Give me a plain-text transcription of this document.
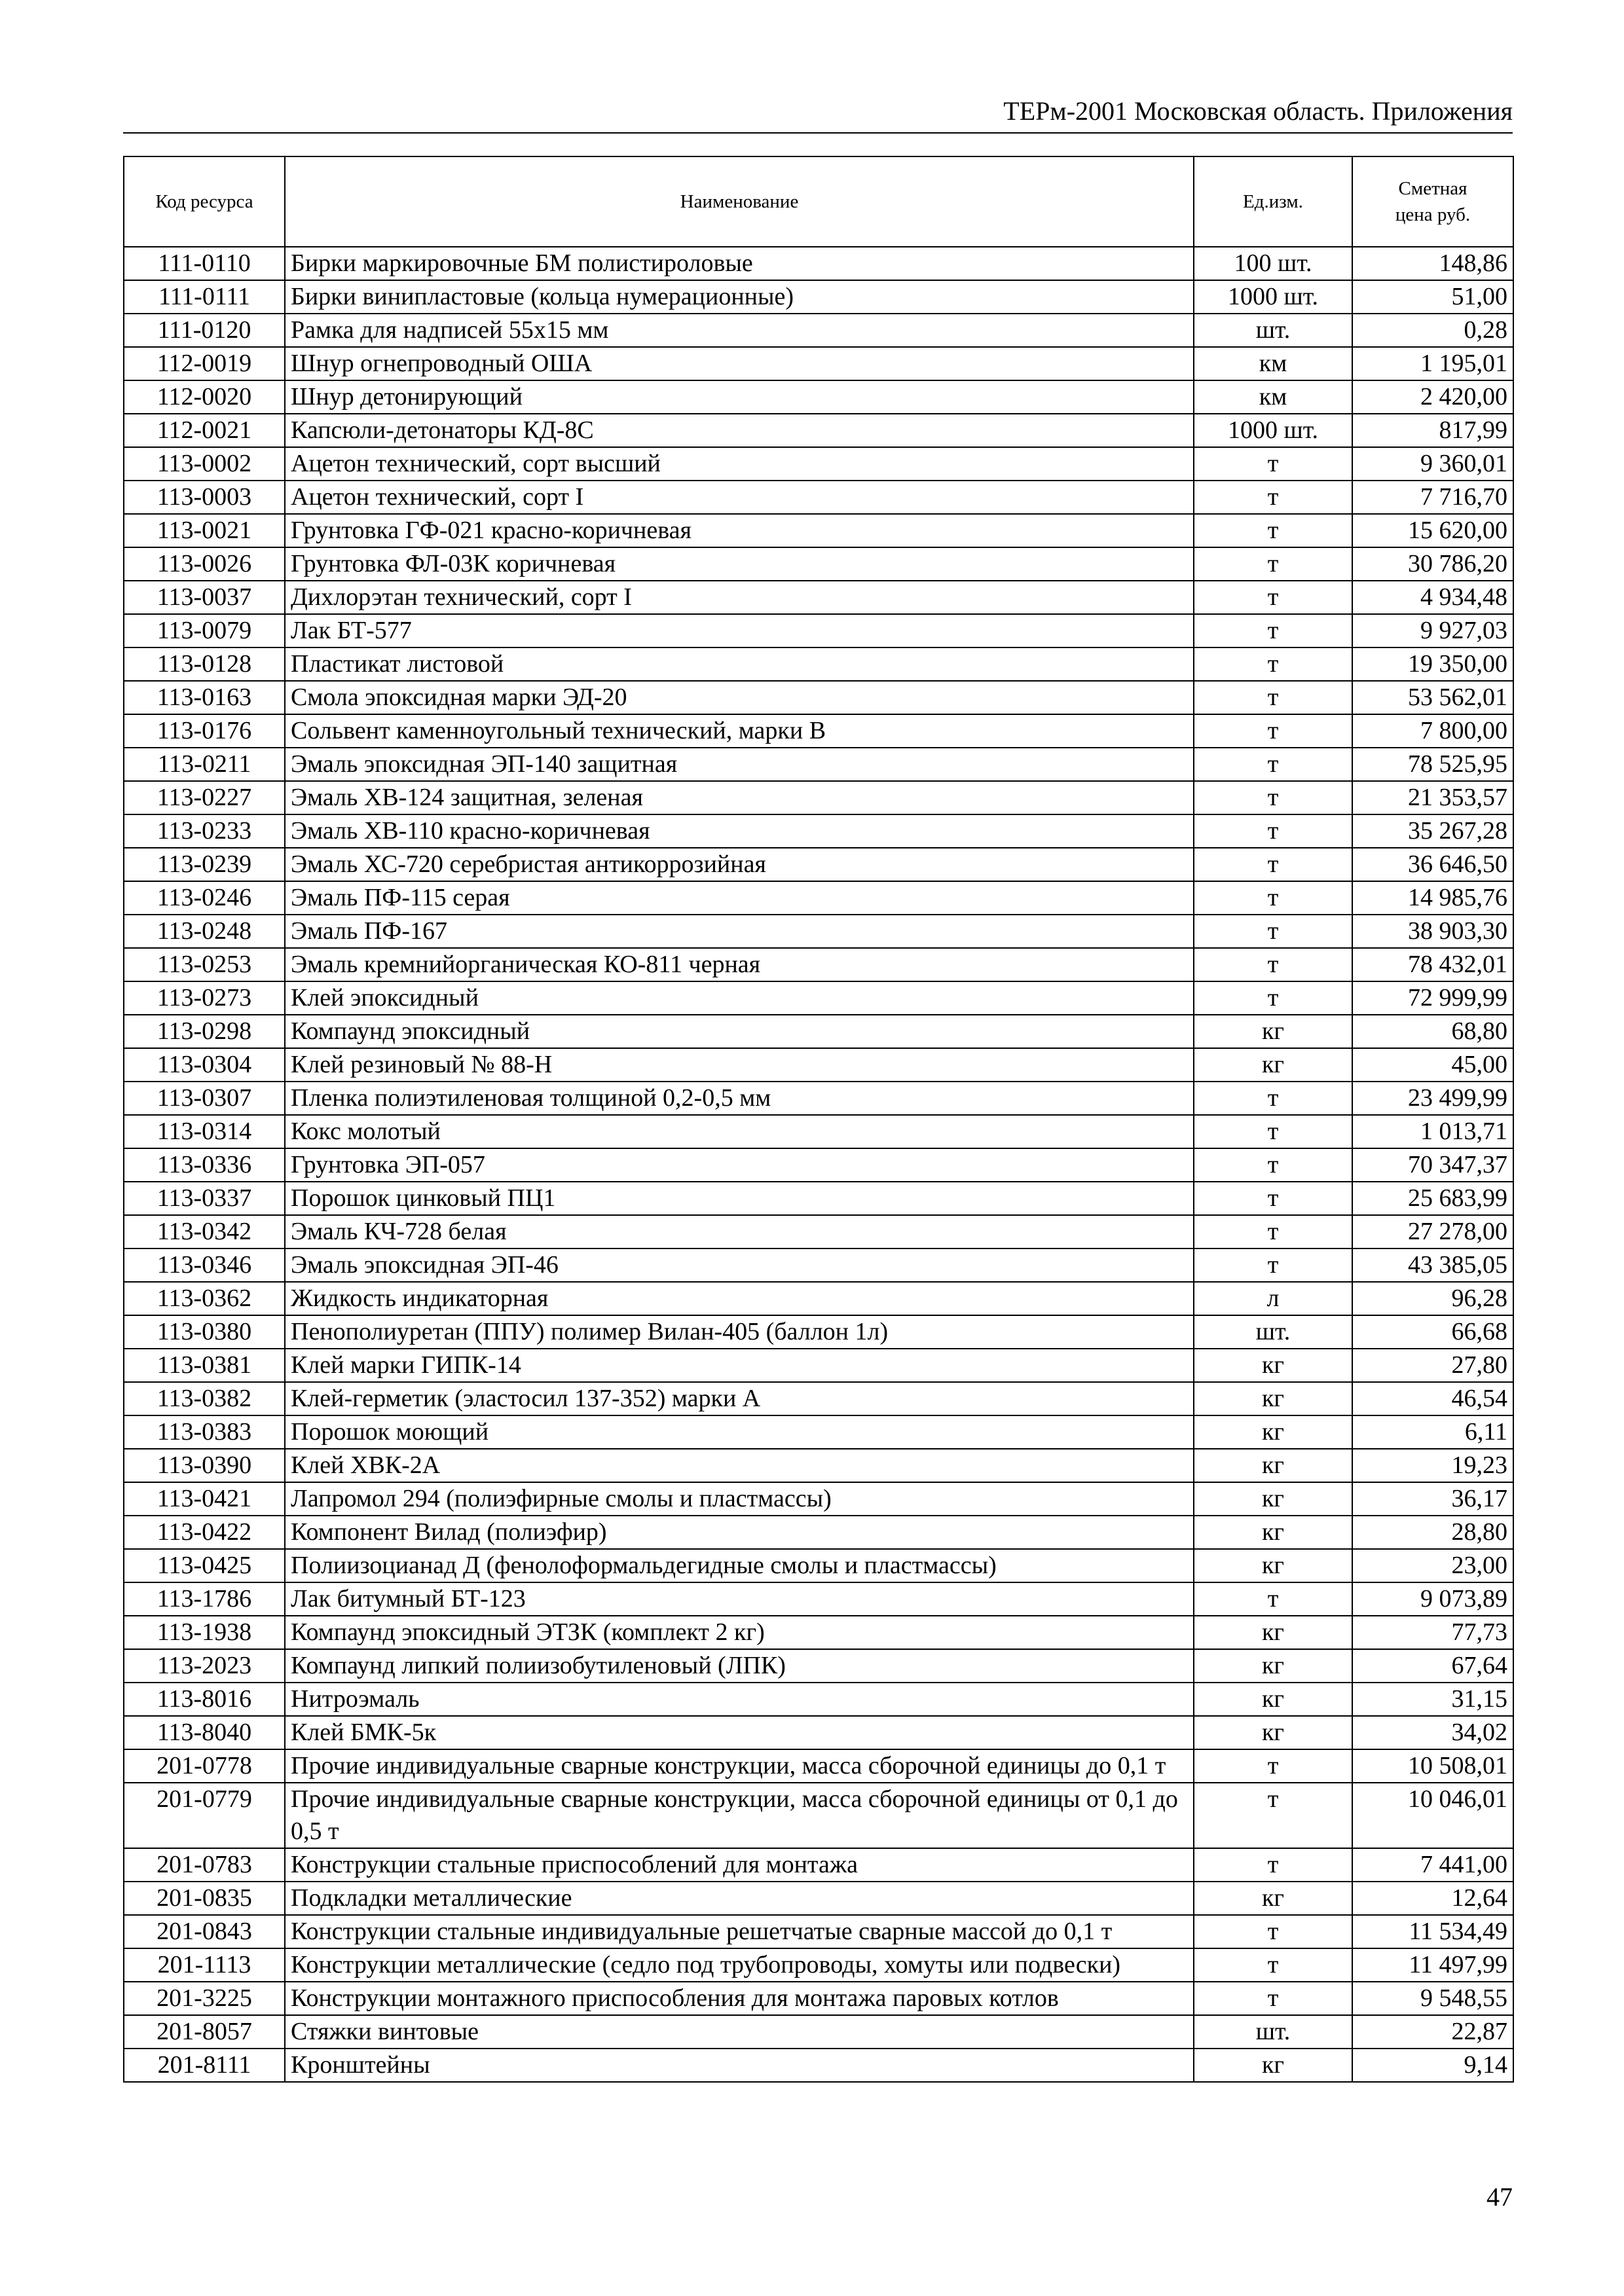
ТЕРм-2001 Московская область. Приложения
Код ресурса	Наименование	Ед.изм.	Сметная цена руб.
111-0110	Бирки маркировочные БМ полистироловые	100 шт.	148,86
111-0111	Бирки винипластовые (кольца нумерационные)	1000 шт.	51,00
111-0120	Рамка для надписей 55х15 мм	шт.	0,28
112-0019	Шнур огнепроводный ОША	км	1 195,01
112-0020	Шнур детонирующий	км	2 420,00
112-0021	Капсюли-детонаторы КД-8С	1000 шт.	817,99
113-0002	Ацетон технический, сорт высший	т	9 360,01
113-0003	Ацетон технический, сорт I	т	7 716,70
113-0021	Грунтовка ГФ-021 красно-коричневая	т	15 620,00
113-0026	Грунтовка ФЛ-03К коричневая	т	30 786,20
113-0037	Дихлорэтан технический, сорт I	т	4 934,48
113-0079	Лак БТ-577	т	9 927,03
113-0128	Пластикат листовой	т	19 350,00
113-0163	Смола эпоксидная марки ЭД-20	т	53 562,01
113-0176	Сольвент каменноугольный технический, марки В	т	7 800,00
113-0211	Эмаль эпоксидная ЭП-140 защитная	т	78 525,95
113-0227	Эмаль ХВ-124 защитная, зеленая	т	21 353,57
113-0233	Эмаль ХВ-110 красно-коричневая	т	35 267,28
113-0239	Эмаль ХС-720 серебристая антикоррозийная	т	36 646,50
113-0246	Эмаль ПФ-115 серая	т	14 985,76
113-0248	Эмаль ПФ-167	т	38 903,30
113-0253	Эмаль кремнийорганическая КО-811 черная	т	78 432,01
113-0273	Клей эпоксидный	т	72 999,99
113-0298	Компаунд эпоксидный	кг	68,80
113-0304	Клей резиновый № 88-Н	кг	45,00
113-0307	Пленка полиэтиленовая толщиной 0,2-0,5 мм	т	23 499,99
113-0314	Кокс молотый	т	1 013,71
113-0336	Грунтовка ЭП-057	т	70 347,37
113-0337	Порошок цинковый ПЦ1	т	25 683,99
113-0342	Эмаль КЧ-728 белая	т	27 278,00
113-0346	Эмаль эпоксидная ЭП-46	т	43 385,05
113-0362	Жидкость индикаторная	л	96,28
113-0380	Пенополиуретан (ППУ) полимер Вилан-405 (баллон 1л)	шт.	66,68
113-0381	Клей марки ГИПК-14	кг	27,80
113-0382	Клей-герметик (эластосил 137-352) марки А	кг	46,54
113-0383	Порошок моющий	кг	6,11
113-0390	Клей ХВК-2А	кг	19,23
113-0421	Лапромол 294 (полиэфирные смолы и пластмассы)	кг	36,17
113-0422	Компонент Вилад (полиэфир)	кг	28,80
113-0425	Полиизоцианад Д (фенолоформальдегидные смолы и пластмассы)	кг	23,00
113-1786	Лак битумный БТ-123	т	9 073,89
113-1938	Компаунд эпоксидный ЭТЗК (комплект 2 кг)	кг	77,73
113-2023	Компаунд липкий полиизобутиленовый (ЛПК)	кг	67,64
113-8016	Нитроэмаль	кг	31,15
113-8040	Клей БМК-5к	кг	34,02
201-0778	Прочие индивидуальные сварные конструкции, масса сборочной единицы до 0,1 т	т	10 508,01
201-0779	Прочие индивидуальные сварные конструкции, масса сборочной единицы от 0,1 до 0,5 т	т	10 046,01
201-0783	Конструкции стальные приспособлений для монтажа	т	7 441,00
201-0835	Подкладки металлические	кг	12,64
201-0843	Конструкции стальные индивидуальные решетчатые сварные массой до 0,1 т	т	11 534,49
201-1113	Конструкции металлические (седло под трубопроводы, хомуты или подвески)	т	11 497,99
201-3225	Конструкции монтажного приспособления для монтажа паровых котлов	т	9 548,55
201-8057	Стяжки винтовые	шт.	22,87
201-8111	Кронштейны	кг	9,14
47
